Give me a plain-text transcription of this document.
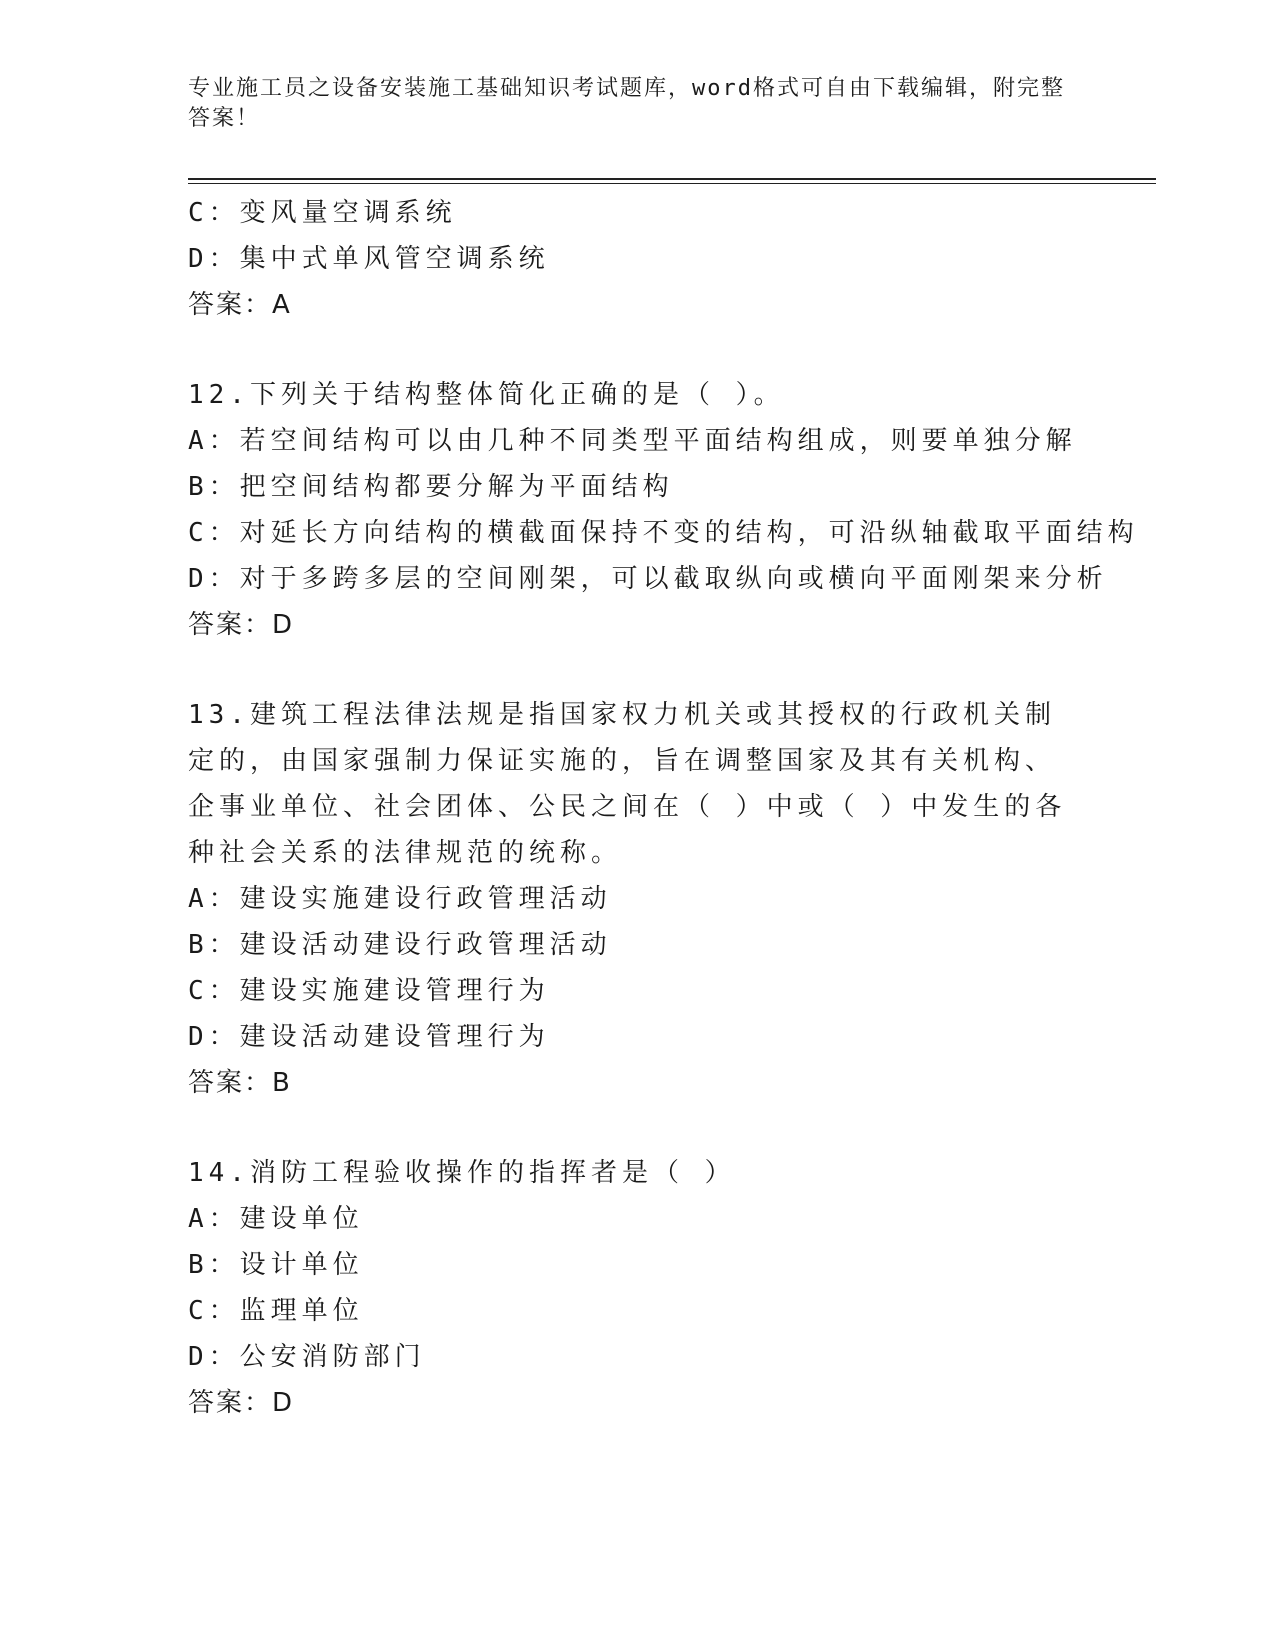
专业施工员之设备安装施工基础知识考试题库，word格式可自由下载编辑，附完整答案！
C：变风量空调系统
D：集中式单风管空调系统
答案：A
12.下列关于结构整体简化正确的是（ ）。
A：若空间结构可以由几种不同类型平面结构组成，则要单独分解
B：把空间结构都要分解为平面结构
C：对延长方向结构的横截面保持不变的结构，可沿纵轴截取平面结构
D：对于多跨多层的空间刚架，可以截取纵向或横向平面刚架来分析
答案：D
13.建筑工程法律法规是指国家权力机关或其授权的行政机关制定的，由国家强制力保证实施的，旨在调整国家及其有关机构、企事业单位、社会团体、公民之间在（ ）中或（ ）中发生的各种社会关系的法律规范的统称。
A：建设实施建设行政管理活动
B：建设活动建设行政管理活动
C：建设实施建设管理行为
D：建设活动建设管理行为
答案：B
14.消防工程验收操作的指挥者是（ ）
A：建设单位
B：设计单位
C：监理单位
D：公安消防部门
答案：D
